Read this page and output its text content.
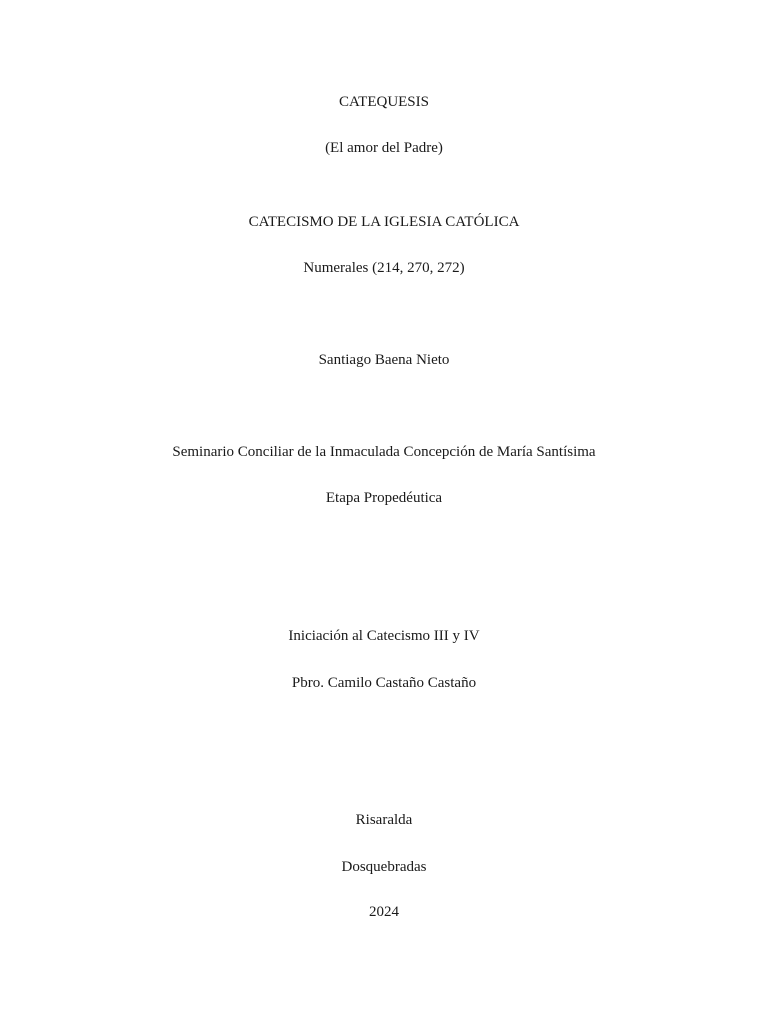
CATEQUESIS
(El amor del Padre)
CATECISMO DE LA IGLESIA CATÓLICA
Numerales (214, 270, 272)
Santiago Baena Nieto
Seminario Conciliar de la Inmaculada Concepción de María Santísima
Etapa Propedéutica
Iniciación al Catecismo III y IV
Pbro. Camilo Castaño Castaño
Risaralda
Dosquebradas
2024
